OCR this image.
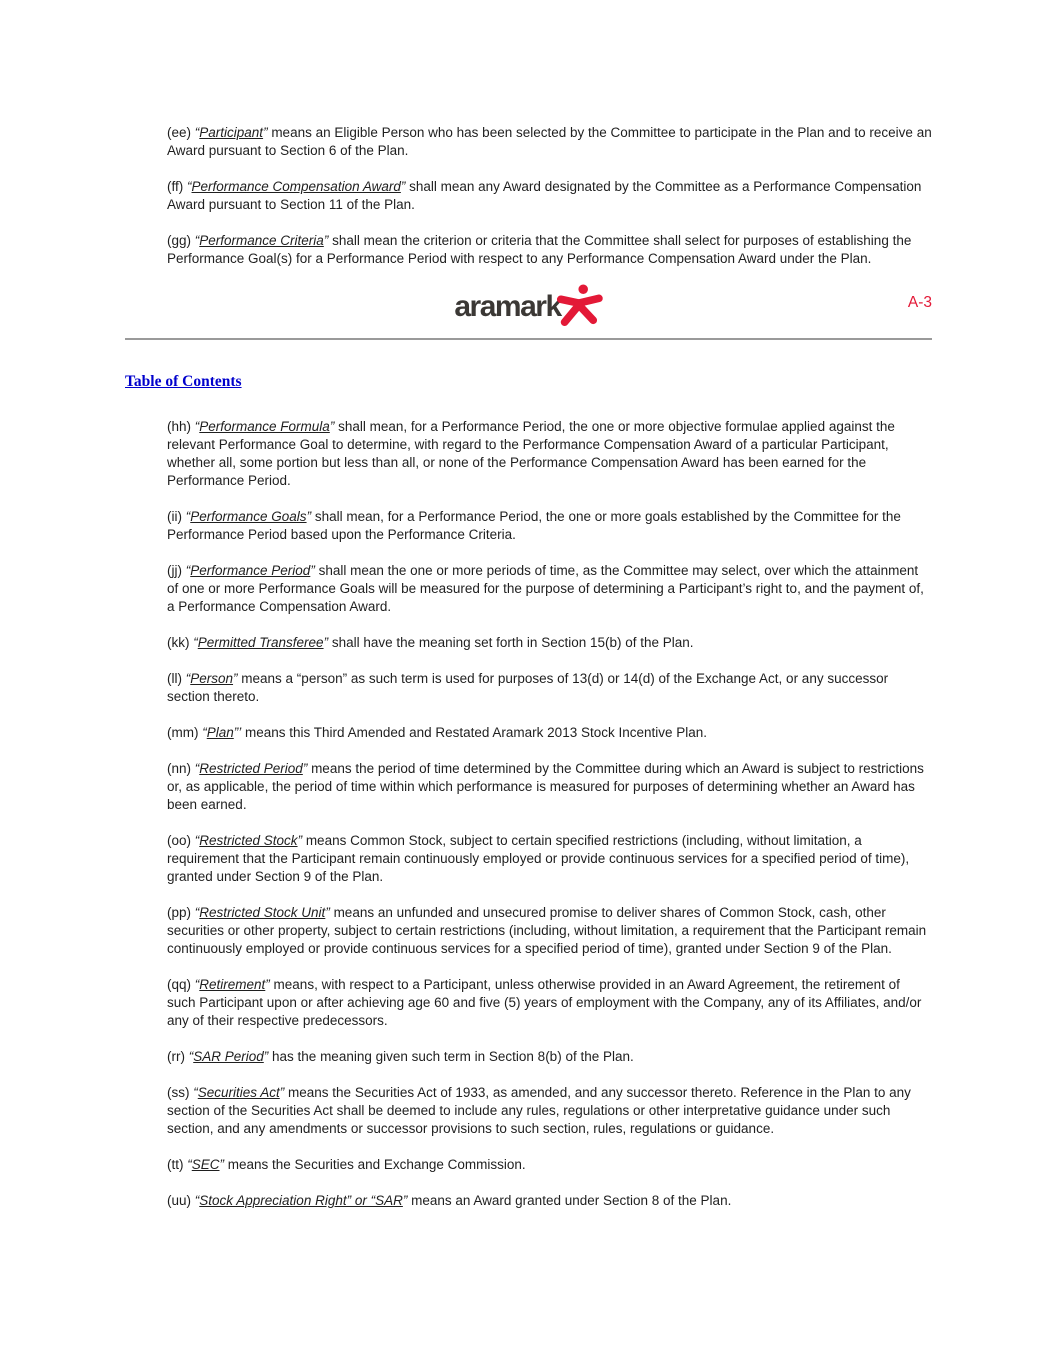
(ee) “Participant” means an Eligible Person who has been selected by the Committee to participate in the Plan and to receive an Award pursuant to Section 6 of the Plan.

(ff) “Performance Compensation Award” shall mean any Award designated by the Committee as a Performance Compensation Award pursuant to Section 11 of the Plan.

(gg) “Performance Criteria” shall mean the criterion or criteria that the Committee shall select for purposes of establishing the Performance Goal(s) for a Performance Period with respect to any Performance Compensation Award under the Plan.

aramark	A-3
Table of Contents

(hh) “Performance Formula” shall mean, for a Performance Period, the one or more objective formulae applied against the relevant Performance Goal to determine, with regard to the Performance Compensation Award of a particular Participant, whether all, some portion but less than all, or none of the Performance Compensation Award has been earned for the Performance Period.

(ii) “Performance Goals” shall mean, for a Performance Period, the one or more goals established by the Committee for the Performance Period based upon the Performance Criteria.

(jj) “Performance Period” shall mean the one or more periods of time, as the Committee may select, over which the attainment of one or more Performance Goals will be measured for the purpose of determining a Participant’s right to, and the payment of, a Performance Compensation Award.

(kk) “Permitted Transferee” shall have the meaning set forth in Section 15(b) of the Plan.

(ll) “Person” means a “person” as such term is used for purposes of 13(d) or 14(d) of the Exchange Act, or any successor section thereto.

(mm) “Plan”’ means this Third Amended and Restated Aramark 2013 Stock Incentive Plan.

(nn) “Restricted Period” means the period of time determined by the Committee during which an Award is subject to restrictions or, as applicable, the period of time within which performance is measured for purposes of determining whether an Award has been earned.

(oo) “Restricted Stock” means Common Stock, subject to certain specified restrictions (including, without limitation, a requirement that the Participant remain continuously employed or provide continuous services for a specified period of time), granted under Section 9 of the Plan.

(pp) “Restricted Stock Unit” means an unfunded and unsecured promise to deliver shares of Common Stock, cash, other securities or other property, subject to certain restrictions (including, without limitation, a requirement that the Participant remain continuously employed or provide continuous services for a specified period of time), granted under Section 9 of the Plan.

(qq) “Retirement” means, with respect to a Participant, unless otherwise provided in an Award Agreement, the retirement of such Participant upon or after achieving age 60 and five (5) years of employment with the Company, any of its Affiliates, and/or any of their respective predecessors.

(rr) “SAR Period” has the meaning given such term in Section 8(b) of the Plan.

(ss) “Securities Act” means the Securities Act of 1933, as amended, and any successor thereto. Reference in the Plan to any section of the Securities Act shall be deemed to include any rules, regulations or other interpretative guidance under such section, and any amendments or successor provisions to such section, rules, regulations or guidance.

(tt) “SEC” means the Securities and Exchange Commission.

(uu) “Stock Appreciation Right” or “SAR” means an Award granted under Section 8 of the Plan.
